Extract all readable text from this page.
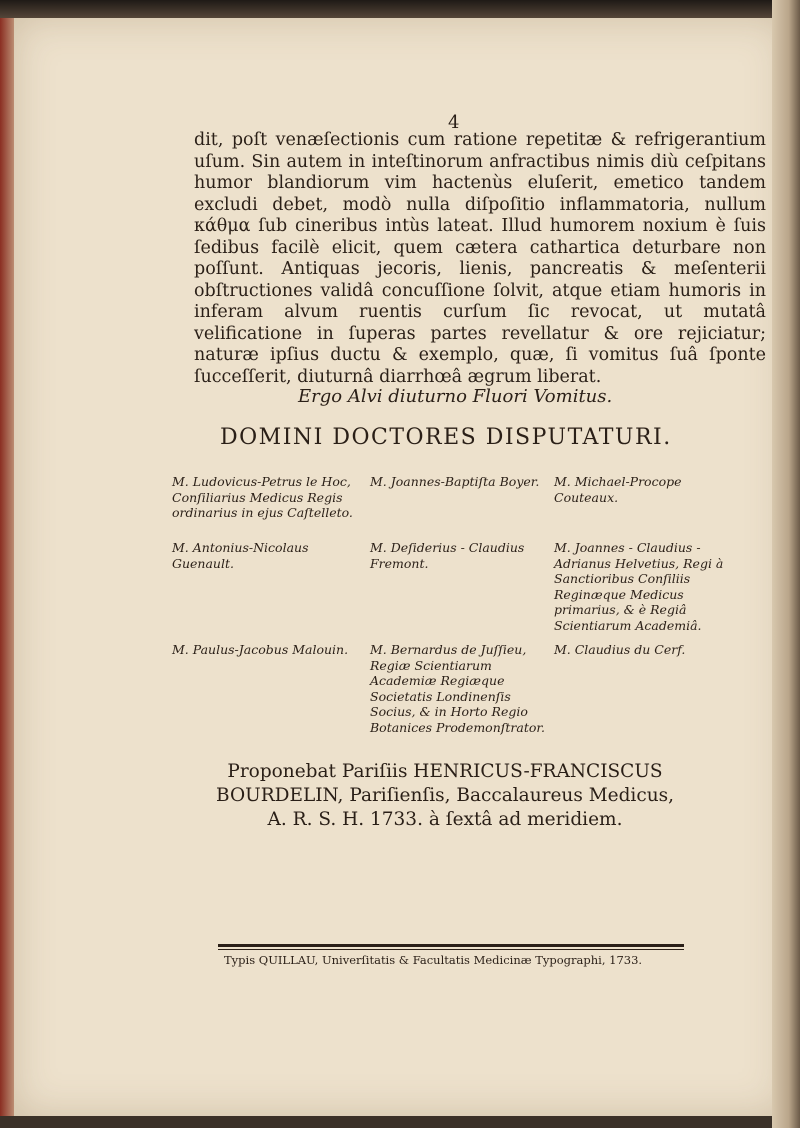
4

dit, poſt venæſectionis cum ratione repetitæ & refrigerantium uſum. Sin autem in inteſtinorum anfractibus nimis diù ceſpitans humor blandiorum vim hactenùs eluſerit, emetico tandem excludi debet, modò nulla diſpoſitio inflammatoria, nullum κάθμα ſub cineribus intùs lateat. Illud humorem noxium è ſuis ſedibus facilè elicit, quem cætera cathartica deturbare non poſſunt. Antiquas jecoris, lienis, pancreatis & meſenterii obſtructiones validâ concuſſione ſolvit, atque etiam humoris in inferam alvum ruentis curſum ſic revocat, ut mutatâ velificatione in ſuperas partes revellatur & ore rejiciatur; naturæ ipſius ductu & exemplo, quæ, ſi vomitus ſuâ ſponte ſucceſſerit, diuturnâ diarrhœâ ægrum liberat.

Ergo Alvi diuturno Fluori Vomitus.
DOMINI DOCTORES DISPUTATURI.

M. Ludovicus-Petrus le Hoc, Conſiliarius Medicus Regis ordinarius in ejus Caſtelleto.

M. Joannes-Baptiſta Boyer.	M. Michael-Procope Couteaux.

M. Antonius-Nicolaus Guenault.

M. Deſiderius - Claudius Fremont.

M. Joannes - Claudius - Adrianus Helvetius, Regi à Sanctioribus Conſiliis Reginæque Medicus primarius, & è Regiâ Scientiarum Academiâ.

M. Paulus-Jacobus Malouin.	M. Bernardus de Juſſieu, Regiæ Scientiarum Academiæ Regiæque Societatis Londinenſis Socius, & in Horto Regio Botanices Prodemonſtrator.

M. Claudius du Cerf.

Proponebat Pariſiis HENRICUS-FRANCISCUS
BOURDELIN, Pariſienſis, Baccalaureus Medicus,
A. R. S. H. 1733. à ſextâ ad meridiem.

Typis QUILLAU, Univerſitatis & Facultatis Medicinæ Typographi, 1733.
